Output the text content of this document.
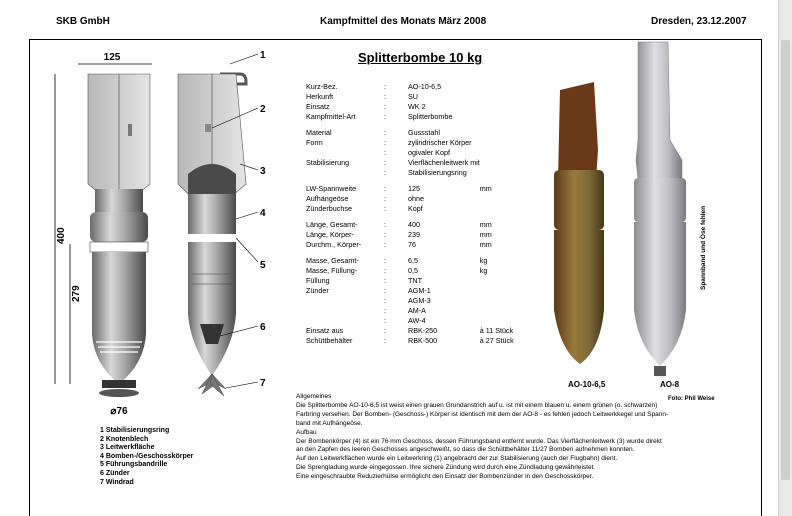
SKB GmbH	Kampfmittel des Monats März 2008	Dresden, 23.12.2007
125
400
279
⌀76
1
2
3
4
5
6
7
Splitterbombe 10 kg
Kurz-Bez.	:	AO-10-6,5	
Herkunft	:	SU	
Einsatz	:	WK 2	
Kampfmittel-Art	:	Splitterbombe	

Material	:	Gussstahl	
Form	:	zylindrischer Körper	
	:	ogivaler Kopf	
Stabilisierung	:	Vierflächenleitwerk mit	
	:	Stabilisierungsring	

LW-Spannweite	:	125	mm
Aufhängeöse	:	ohne	
Zünderbuchse	:	Kopf	

Länge, Gesamt-	:	400	mm
Länge, Körper-	:	239	mm
Durchm., Körper-	:	76	mm

Masse, Gesamt-	:	6,5	kg
Masse, Füllung-	:	0,5	kg
Füllung	:	TNT	
Zünder	:	AGM-1	
	:	AGM-3	
	:	AM-A	
	:	AW-4	
Einsatz aus	:	RBK-250	à 11 Stück
Schüttbehälter	:	RBK-500	à 27 Stück
AO-10-6,5	AO-8
Foto: Phil Weise
Spannband und Öse fehlen
1 Stabilisierungsring
2 Knotenblech
3 Leitwerkfläche
4 Bomben-/Geschosskörper
5 Führungsbandrille
6 Zünder
7 Windrad

Allgemeines

Die Splitterbombe AO-10-6,5 ist weist einen grauen Grundanstrich auf u. ist mit einem blauen u. einem grünen (o. schwarzen)

Farbring versehen. Der Bomben- (Geschoss-) Körper ist identisch mit dem der AO-8 - es fehlen jedoch Leitwerkkegel und Spann-

band mit Aufhängeöse.

Aufbau

Der Bombenkörper (4) ist ein 76 mm Geschoss, dessen Führungsband entfernt wurde. Das Vierflächenleitwerk (3) wurde direkt

an den Zapfen des leeren Geschosses angeschweißt, so dass die Schüttbehälter 11/27 Bomben aufnehmen konnten.

Auf den Leitwerkflächen wurde ein Leitwerkring (1) angebracht der zur Stabilisierung (auch der Flugbahn) dient.

Die Sprengladung wurde eingegossen. Ihre sichere Zündung wird durch eine Zündladung gewährleistet.

Eine eingeschraubte Reduzierhülse ermöglicht den Einsatz der Bombenzünder in den Geschosskörper.
